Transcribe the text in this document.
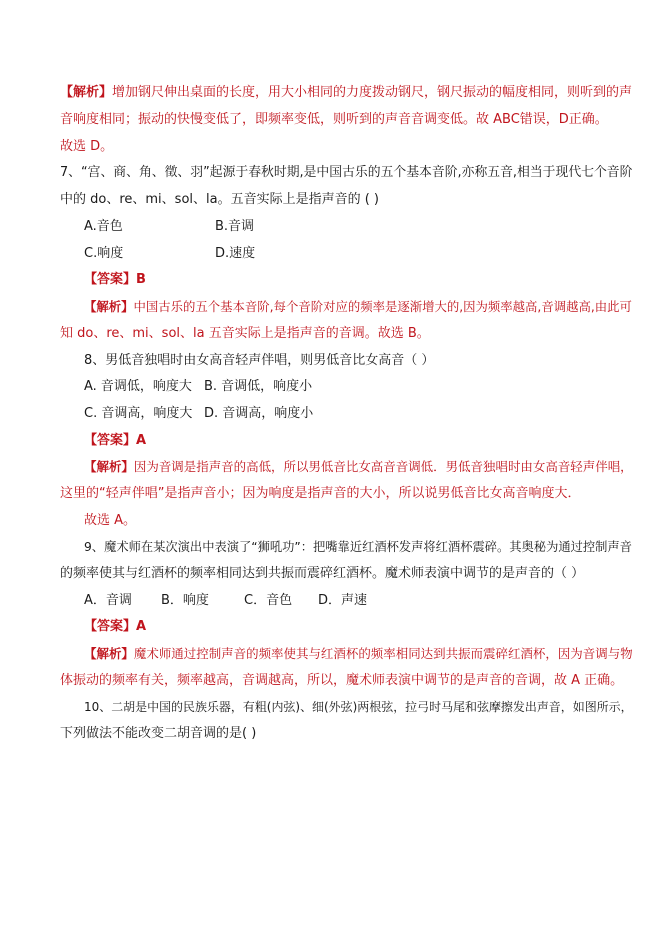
【解析】增加钢尺伸出桌面的长度，用大小相同的力度拨动钢尺，钢尺振动的幅度相同，则听到的声
音响度相同；振动的快慢变低了，即频率变低，则听到的声音音调变低。故 ABC错误，D正确。
故选 D。
7、“宫、商、角、徵、羽”起源于春秋时期,是中国古乐的五个基本音阶,亦称五音,相当于现代七个音阶
中的 do、re、mi、sol、la。五音实际上是指声音的 ( )
A.音色	B.音调
C.响度	D.速度
【答案】B
【解析】中国古乐的五个基本音阶,每个音阶对应的频率是逐渐增大的,因为频率越高,音调越高,由此可
知 do、re、mi、sol、la 五音实际上是指声音的音调。故选 B。
8、男低音独唱时由女高音轻声伴唱，则男低音比女高音（ ）
A. 音调低，响度大 B. 音调低，响度小
C. 音调高，响度大 D. 音调高，响度小
【答案】A
【解析】因为音调是指声音的高低，所以男低音比女高音音调低．男低音独唱时由女高音轻声伴唱，
这里的“轻声伴唱”是指声音小；因为响度是指声音的大小，所以说男低音比女高音响度大．
故选 A。
9、魔术师在某次演出中表演了“狮吼功”：把嘴靠近红酒杯发声将红酒杯震碎。其奥秘为通过控制声音
的频率使其与红酒杯的频率相同达到共振而震碎红酒杯。魔术师表演中调节的是声音的（ ）
A．音调 B．响度	C．音色 D．声速
【答案】A
【解析】魔术师通过控制声音的频率使其与红酒杯的频率相同达到共振而震碎红酒杯，因为音调与物
体振动的频率有关，频率越高，音调越高，所以，魔术师表演中调节的是声音的音调，故 A 正确。
10、二胡是中国的民族乐器，有粗(内弦)、细(外弦)两根弦，拉弓时马尾和弦摩擦发出声音，如图所示，
下列做法不能改变二胡音调的是( )
